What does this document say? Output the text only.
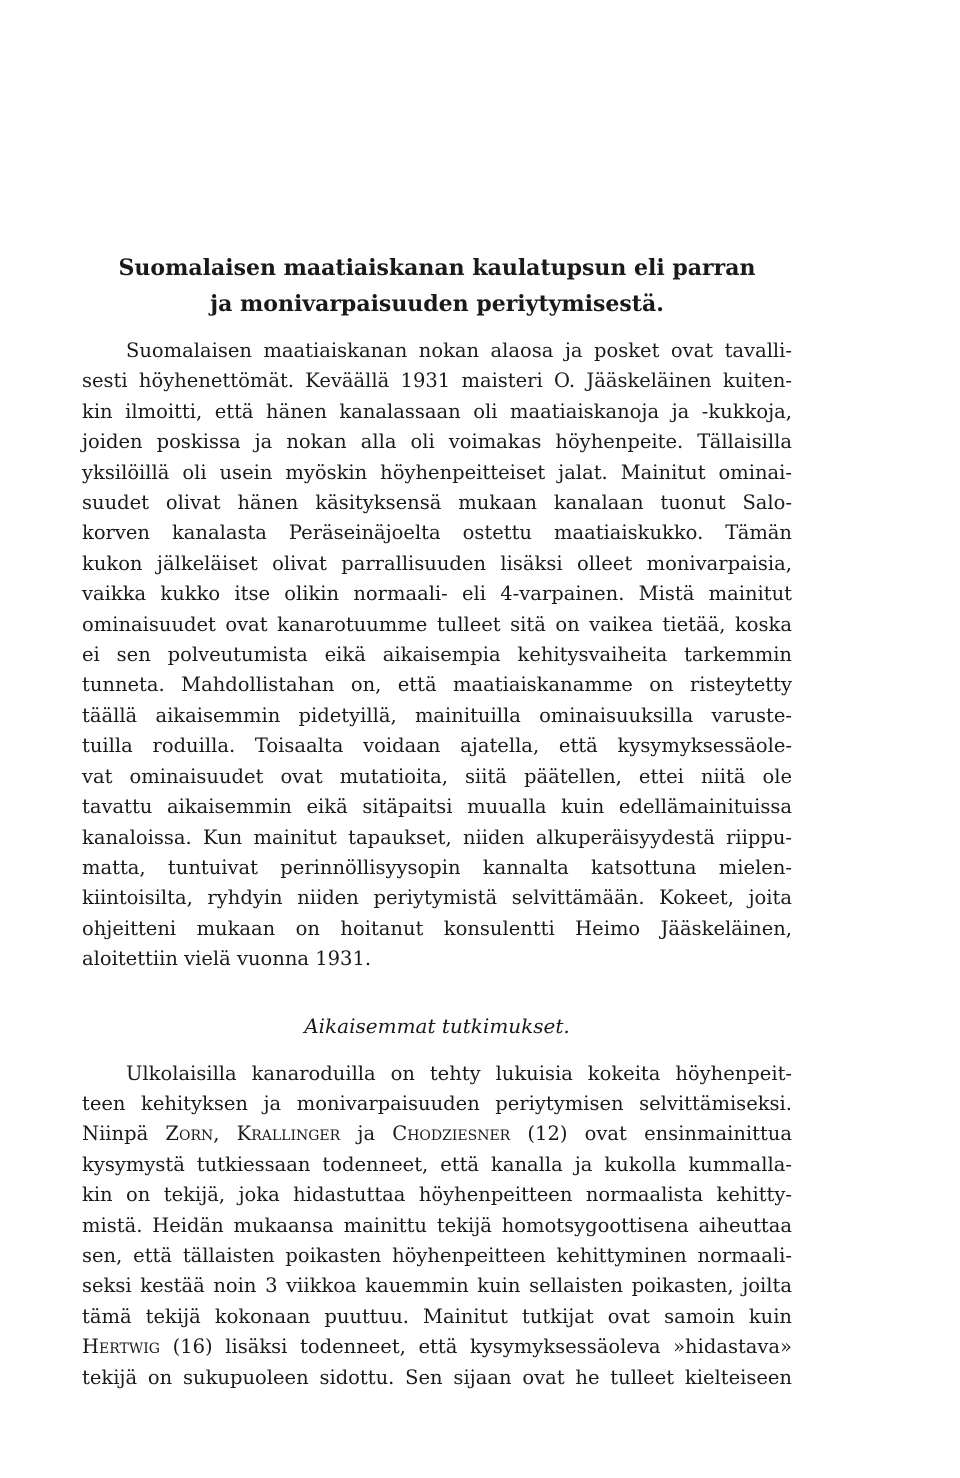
Suomalaisen maatiaiskanan kaulatupsun eli parran
ja monivarpaisuuden periytymisestä.
Suomalaisen maatiaiskanan nokan alaosa ja posket ovat tavalli-
sesti höyhenettömät. Keväällä 1931 maisteri O. Jääskeläinen kuiten-
kin ilmoitti, että hänen kanalassaan oli maatiaiskanoja ja -kukkoja,
joiden poskissa ja nokan alla oli voimakas höyhenpeite. Tällaisilla
yksilöillä oli usein myöskin höyhenpeitteiset jalat. Mainitut ominai-
suudet olivat hänen käsityksensä mukaan kanalaan tuonut Salo-
korven kanalasta Peräseinäjoelta ostettu maatiaiskukko. Tämän
kukon jälkeläiset olivat parrallisuuden lisäksi olleet monivarpaisia,
vaikka kukko itse olikin normaali- eli 4-varpainen. Mistä mainitut
ominaisuudet ovat kanarotuumme tulleet sitä on vaikea tietää, koska
ei sen polveutumista eikä aikaisempia kehitysvaiheita tarkemmin
tunneta. Mahdollistahan on, että maatiaiskanamme on risteytetty
täällä aikaisemmin pidetyillä, mainituilla ominaisuuksilla varuste-
tuilla roduilla. Toisaalta voidaan ajatella, että kysymyksessäole-
vat ominaisuudet ovat mutatioita, siitä päätellen, ettei niitä ole
tavattu aikaisemmin eikä sitäpaitsi muualla kuin edellämainituissa
kanaloissa. Kun mainitut tapaukset, niiden alkuperäisyydestä riippu-
matta, tuntuivat perinnöllisyysopin kannalta katsottuna mielen-
kiintoisilta, ryhdyin niiden periytymistä selvittämään. Kokeet, joita
ohjeitteni mukaan on hoitanut konsulentti Heimo Jääskeläinen,
aloitettiin vielä vuonna 1931.
Aikaisemmat tutkimukset.
Ulkolaisilla kanaroduilla on tehty lukuisia kokeita höyhenpeit-
teen kehityksen ja monivarpaisuuden periytymisen selvittämiseksi.
Niinpä Zorn, Krallinger ja Chodziesner (12) ovat ensinmainittua
kysymystä tutkiessaan todenneet, että kanalla ja kukolla kummalla-
kin on tekijä, joka hidastuttaa höyhenpeitteen normaalista kehitty-
mistä. Heidän mukaansa mainittu tekijä homotsygoottisena aiheuttaa
sen, että tällaisten poikasten höyhenpeitteen kehittyminen normaali-
seksi kestää noin 3 viikkoa kauemmin kuin sellaisten poikasten, joilta
tämä tekijä kokonaan puuttuu. Mainitut tutkijat ovat samoin kuin
Hertwig (16) lisäksi todenneet, että kysymyksessäoleva »hidastava»
tekijä on sukupuoleen sidottu. Sen sijaan ovat he tulleet kielteiseen
